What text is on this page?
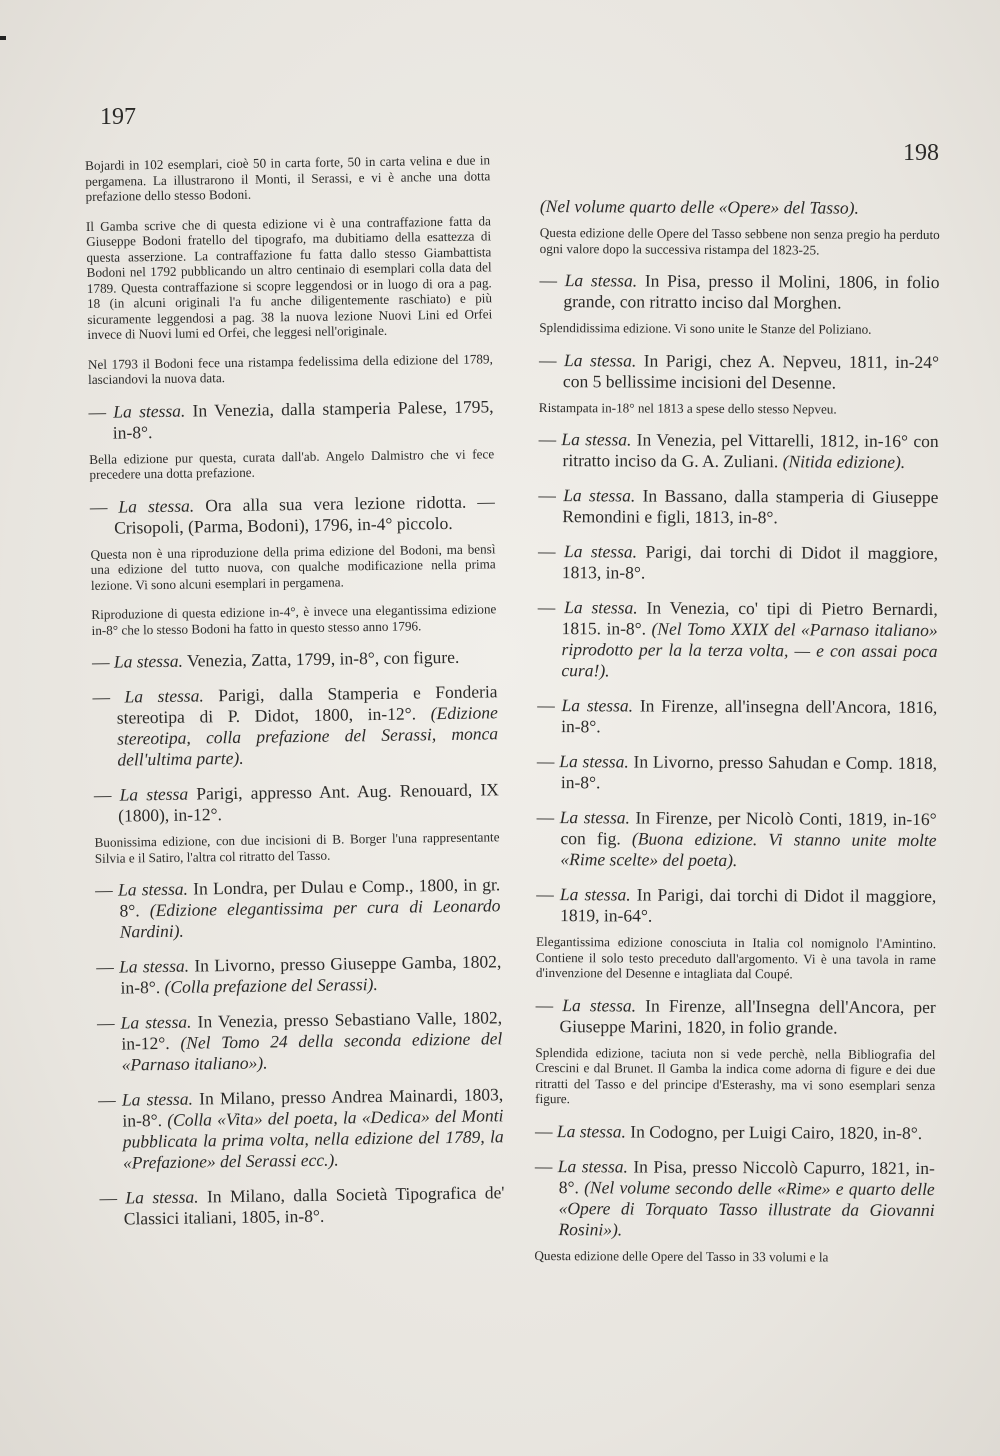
197
198

Bojardi in 102 esemplari, cioè 50 in carta forte, 50 in carta velina e due in pergamena. La illustrarono il Monti, il Serassi, e vi è anche una dotta prefazione dello stesso Bodoni.

Il Gamba scrive che di questa edizione vi è una contraffazione fatta da Giuseppe Bodoni fratello del tipografo, ma dubitiamo della esattezza di questa asserzione. La contraffazione fu fatta dallo stesso Giambattista Bodoni nel 1792 pubblicando un altro centinaio di esemplari colla data del 1789. Questa contraffazione si scopre leggendosi or in luogo di ora a pag. 18 (in alcuni originali l'a fu anche diligentemente raschiato) e più sicuramente leggendosi a pag. 38 la nuova lezione Nuovi Lini ed Orfei invece di Nuovi lumi ed Orfei, che leggesi nell'originale.

Nel 1793 il Bodoni fece una ristampa fedelissima della edizione del 1789, lasciandovi la nuova data.

— La stessa. In Venezia, dalla stamperia Palese, 1795, in-8°.

Bella edizione pur questa, curata dall'ab. Angelo Dalmistro che vi fece precedere una dotta prefazione.

— La stessa. Ora alla sua vera lezione ridotta. — Crisopoli, (Parma, Bodoni), 1796, in-4° piccolo.

Questa non è una riproduzione della prima edizione del Bodoni, ma bensì una edizione del tutto nuova, con qualche modificazione nella prima lezione. Vi sono alcuni esemplari in pergamena.

Riproduzione di questa edizione in-4°, è invece una elegantissima edizione in-8° che lo stesso Bodoni ha fatto in questo stesso anno 1796.

— La stessa. Venezia, Zatta, 1799, in-8°, con figure.

— La stessa. Parigi, dalla Stamperia e Fonderia stereotipa di P. Didot, 1800, in-12°. (Edizione stereotipa, colla prefazione del Serassi, monca dell'ultima parte).

— La stessa Parigi, appresso Ant. Aug. Renouard, IX (1800), in-12°.

Buonissima edizione, con due incisioni di B. Borger l'una rappresentante Silvia e il Satiro, l'altra col ritratto del Tasso.

— La stessa. In Londra, per Dulau e Comp., 1800, in gr. 8°. (Edizione elegantissima per cura di Leonardo Nardini).

— La stessa. In Livorno, presso Giuseppe Gamba, 1802, in-8°. (Colla prefazione del Serassi).

— La stessa. In Venezia, presso Sebastiano Valle, 1802, in-12°. (Nel Tomo 24 della seconda edizione del «Parnaso italiano»).

— La stessa. In Milano, presso Andrea Mainardi, 1803, in-8°. (Colla «Vita» del poeta, la «Dedica» del Monti pubblicata la prima volta, nella edizione del 1789, la «Prefazione» del Serassi ecc.).

— La stessa. In Milano, dalla Società Tipografica de' Classici italiani, 1805, in-8°.

(Nel volume quarto delle «Opere» del Tasso).

Questa edizione delle Opere del Tasso sebbene non senza pregio ha perduto ogni valore dopo la successiva ristampa del 1823-25.

— La stessa. In Pisa, presso il Molini, 1806, in folio grande, con ritratto inciso dal Morghen.

Splendidissima edizione. Vi sono unite le Stanze del Poliziano.

— La stessa. In Parigi, chez A. Nepveu, 1811, in-24° con 5 bellissime incisioni del Desenne.

Ristampata in-18° nel 1813 a spese dello stesso Nepveu.

— La stessa. In Venezia, pel Vittarelli, 1812, in-16° con ritratto inciso da G. A. Zuliani. (Nitida edizione).

— La stessa. In Bassano, dalla stamperia di Giuseppe Remondini e figli, 1813, in-8°.

— La stessa. Parigi, dai torchi di Didot il maggiore, 1813, in-8°.

— La stessa. In Venezia, co' tipi di Pietro Bernardi, 1815. in-8°. (Nel Tomo XXIX del «Parnaso italiano» riprodotto per la la terza volta, — e con assai poca cura!).

— La stessa. In Firenze, all'insegna dell'Ancora, 1816, in-8°.

— La stessa. In Livorno, presso Sahudan e Comp. 1818, in-8°.

— La stessa. In Firenze, per Nicolò Conti, 1819, in-16° con fig. (Buona edizione. Vi stanno unite molte «Rime scelte» del poeta).

— La stessa. In Parigi, dai torchi di Didot il maggiore, 1819, in-64°.

Elegantissima edizione conosciuta in Italia col nomignolo l'Amintino. Contiene il solo testo preceduto dall'argomento. Vi è una tavola in rame d'invenzione del Desenne e intagliata dal Coupé.

— La stessa. In Firenze, all'Insegna dell'Ancora, per Giuseppe Marini, 1820, in folio grande.

Splendida edizione, taciuta non si vede perchè, nella Bibliografia del Crescini e dal Brunet. Il Gamba la indica come adorna di figure e dei due ritratti del Tasso e del principe d'Esterashy, ma vi sono esemplari senza figure.

— La stessa. In Codogno, per Luigi Cairo, 1820, in-8°.

— La stessa. In Pisa, presso Niccolò Capurro, 1821, in-8°. (Nel volume secondo delle «Rime» e quarto delle «Opere di Torquato Tasso illustrate da Giovanni Rosini»).

Questa edizione delle Opere del Tasso in 33 volumi e la
